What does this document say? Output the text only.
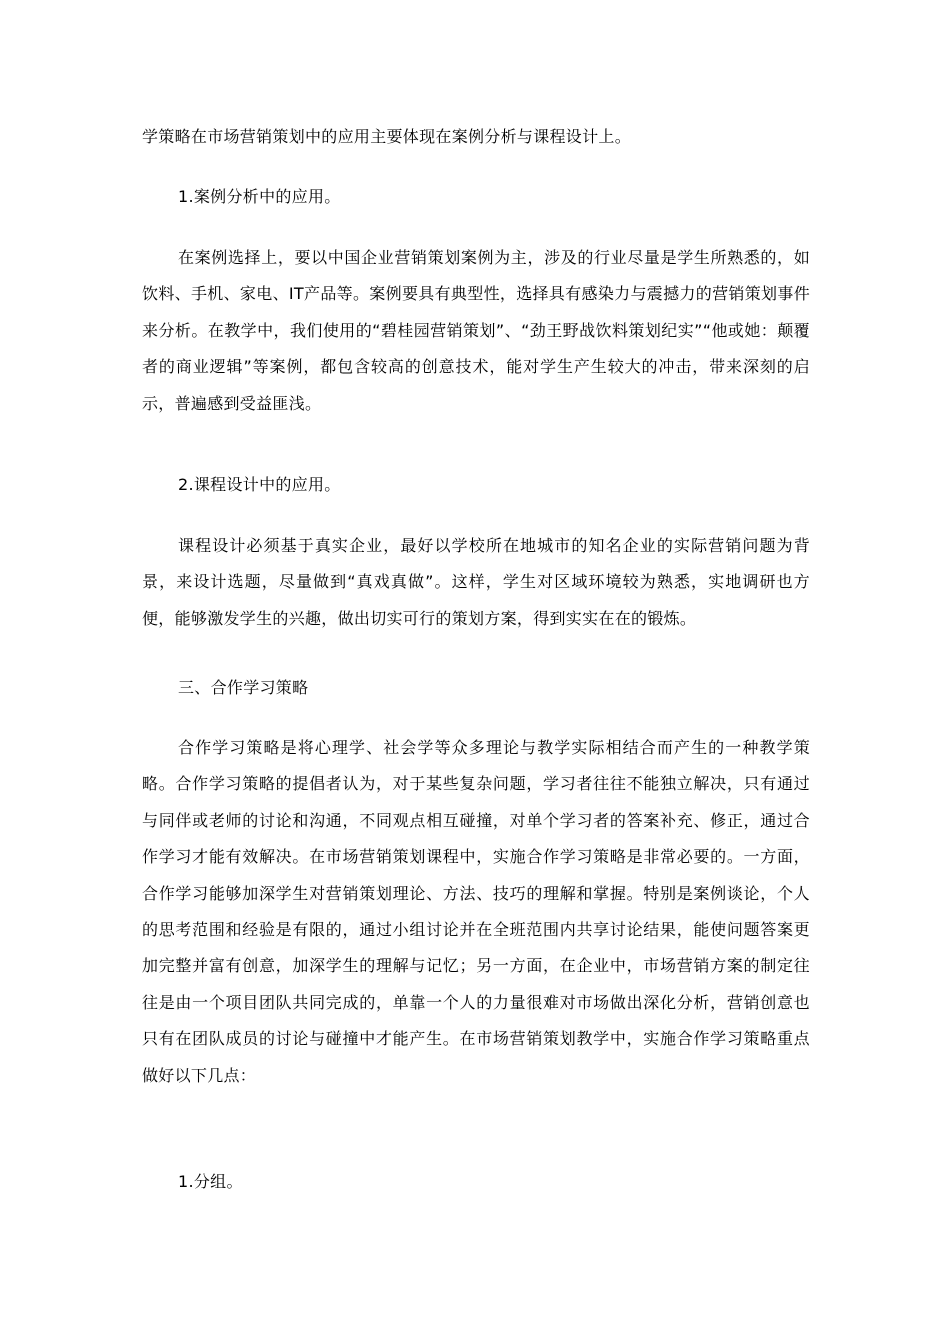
学策略在市场营销策划中的应用主要体现在案例分析与课程设计上。

1.案例分析中的应用。

在案例选择上，要以中国企业营销策划案例为主，涉及的行业尽量是学生所熟悉的，如饮料、手机、家电、IT产品等。案例要具有典型性，选择具有感染力与震撼力的营销策划事件来分析。在教学中，我们使用的“碧桂园营销策划”、“劲王野战饮料策划纪实”“他或她：颠覆者的商业逻辑”等案例，都包含较高的创意技术，能对学生产生较大的冲击，带来深刻的启示，普遍感到受益匪浅。

2.课程设计中的应用。

课程设计必须基于真实企业，最好以学校所在地城市的知名企业的实际营销问题为背景，来设计选题，尽量做到“真戏真做”。这样，学生对区域环境较为熟悉，实地调研也方便，能够激发学生的兴趣，做出切实可行的策划方案，得到实实在在的锻炼。

三、合作学习策略

合作学习策略是将心理学、社会学等众多理论与教学实际相结合而产生的一种教学策略。合作学习策略的提倡者认为，对于某些复杂问题，学习者往往不能独立解决，只有通过与同伴或老师的讨论和沟通，不同观点相互碰撞，对单个学习者的答案补充、修正，通过合作学习才能有效解决。在市场营销策划课程中，实施合作学习策略是非常必要的。一方面，合作学习能够加深学生对营销策划理论、方法、技巧的理解和掌握。特别是案例谈论，个人的思考范围和经验是有限的，通过小组讨论并在全班范围内共享讨论结果，能使问题答案更加完整并富有创意，加深学生的理解与记忆；另一方面，在企业中，市场营销方案的制定往往是由一个项目团队共同完成的，单靠一个人的力量很难对市场做出深化分析，营销创意也只有在团队成员的讨论与碰撞中才能产生。在市场营销策划教学中，实施合作学习策略重点做好以下几点：

1.分组。
